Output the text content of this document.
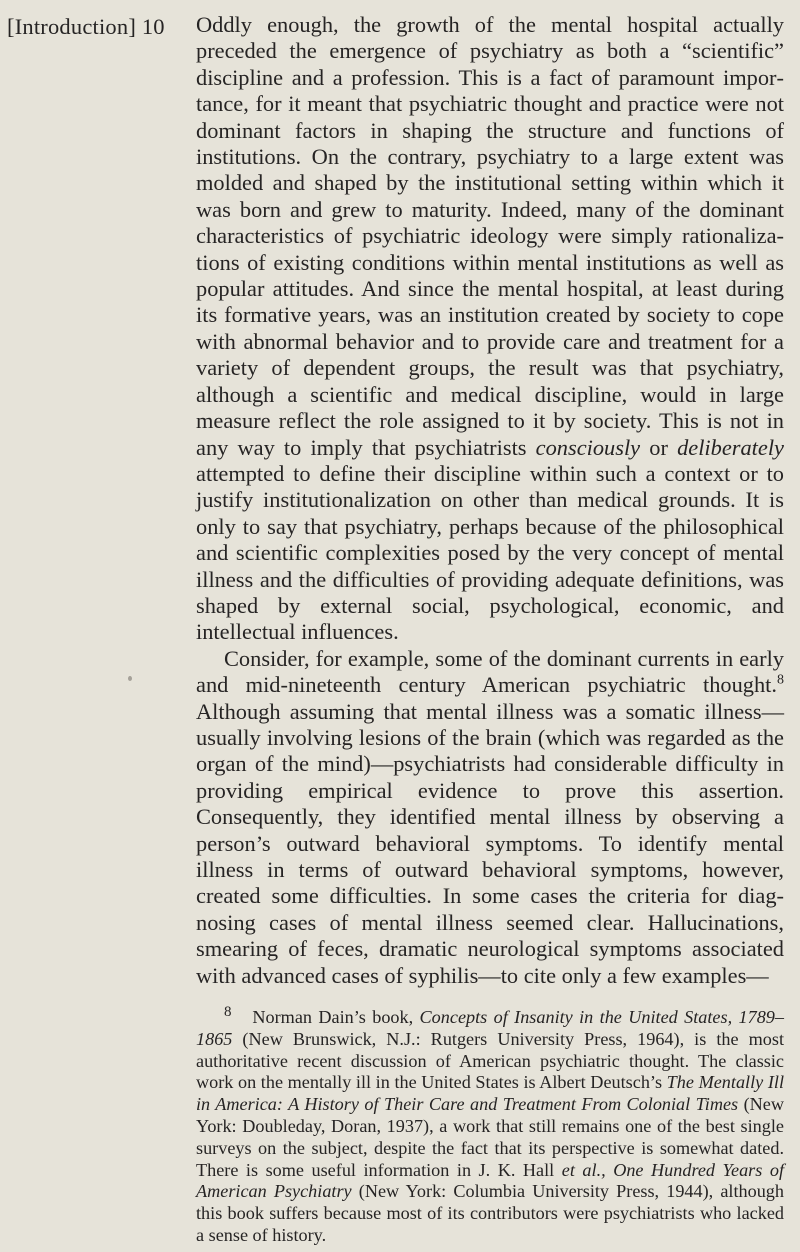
[Introduction] 10	Oddly enough, the growth of the mental hospital actually preceded the emergence of psychiatry as both a “scientific” discipline and a profession. This is a fact of paramount importance, for it meant that psychiatric thought and practice were not dominant factors in shaping the structure and functions of institutions. On the contrary, psychiatry to a large extent was molded and shaped by the institutional setting within which it was born and grew to maturity. Indeed, many of the dominant characteristics of psychiatric ideology were simply rationalizations of existing conditions within mental institutions as well as popular attitudes. And since the mental hospital, at least during its formative years, was an institution created by society to cope with abnormal behavior and to provide care and treatment for a variety of dependent groups, the result was that psychiatry, although a scientific and medical discipline, would in large measure reflect the role assigned to it by society. This is not in any way to imply that psychiatrists consciously or deliberately attempted to define their discipline within such a context or to justify institutionalization on other than medical grounds. It is only to say that psychiatry, perhaps because of the philosophical and scientific complexities posed by the very concept of mental illness and the difficulties of providing adequate definitions, was shaped by external social, psychological, economic, and intellectual influences.

Consider, for example, some of the dominant currents in early and mid-nineteenth century American psychiatric thought.$^8$ Although assuming that mental illness was a somatic illness—usually involving lesions of the brain (which was regarded as the organ of the mind)—psychiatrists had considerable difficulty in providing empirical evidence to prove this assertion. Consequently, they identified mental illness by observing a person’s outward behavioral symptoms. To identify mental illness in terms of outward behavioral symptoms, however, created some difficulties. In some cases the criteria for diagnosing cases of mental illness seemed clear. Hallucinations, smearing of feces, dramatic neurological symptoms associated with advanced cases of syphilis—to cite only a few examples—

8 Norman Dain’s book, Concepts of Insanity in the United States, 1789–1865 (New Brunswick, N.J.: Rutgers University Press, 1964), is the most authoritative recent discussion of American psychiatric thought. The classic work on the mentally ill in the United States is Albert Deutsch’s The Mentally Ill in America: A History of Their Care and Treatment From Colonial Times (New York: Doubleday, Doran, 1937), a work that still remains one of the best single surveys on the subject, despite the fact that its perspective is somewhat dated. There is some useful information in J. K. Hall et al., One Hundred Years of American Psychiatry (New York: Columbia University Press, 1944), although this book suffers because most of its contributors were psychiatrists who lacked a sense of history.
